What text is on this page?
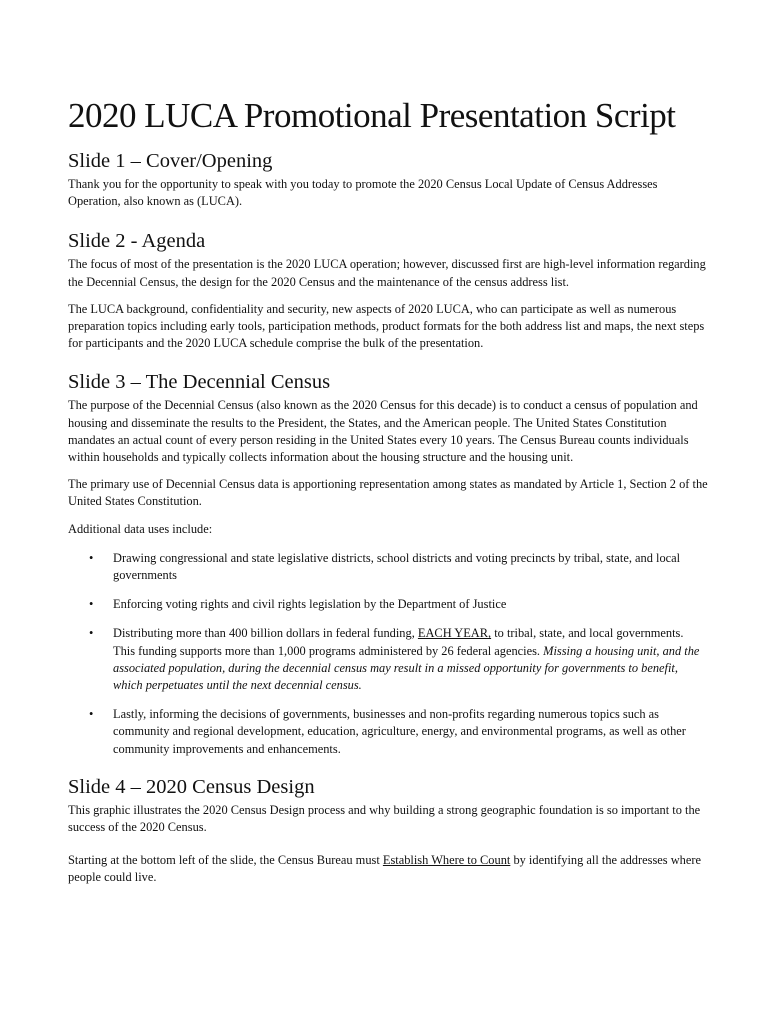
2020 LUCA Promotional Presentation Script
Slide 1 – Cover/Opening

Thank you for the opportunity to speak with you today to promote the 2020 Census Local Update of Census Addresses Operation, also known as (LUCA).

Slide 2 - Agenda

The focus of most of the presentation is the 2020 LUCA operation; however, discussed first are high-level information regarding the Decennial Census, the design for the 2020 Census and the maintenance of the census address list.

The LUCA background, confidentiality and security, new aspects of 2020 LUCA, who can participate as well as numerous preparation topics including early tools, participation methods, product formats for the both address list and maps, the next steps for participants and the 2020 LUCA schedule comprise the bulk of the presentation.

Slide 3 – The Decennial Census

The purpose of the Decennial Census (also known as the 2020 Census for this decade) is to conduct a census of population and housing and disseminate the results to the President, the States, and the American people. The United States Constitution mandates an actual count of every person residing in the United States every 10 years. The Census Bureau counts individuals within households and typically collects information about the housing structure and the housing unit.

The primary use of Decennial Census data is apportioning representation among states as mandated by Article 1, Section 2 of the United States Constitution.

Additional data uses include:

• Drawing congressional and state legislative districts, school districts and voting precincts by tribal, state, and local governments
• Enforcing voting rights and civil rights legislation by the Department of Justice
• Distributing more than 400 billion dollars in federal funding, EACH YEAR, to tribal, state, and local governments. This funding supports more than 1,000 programs administered by 26 federal agencies. Missing a housing unit, and the associated population, during the decennial census may result in a missed opportunity for governments to benefit, which perpetuates until the next decennial census.
• Lastly, informing the decisions of governments, businesses and non-profits regarding numerous topics such as community and regional development, education, agriculture, energy, and environmental programs, as well as other community improvements and enhancements.
Slide 4 – 2020 Census Design

This graphic illustrates the 2020 Census Design process and why building a strong geographic foundation is so important to the success of the 2020 Census.

Starting at the bottom left of the slide, the Census Bureau must Establish Where to Count by identifying all the addresses where people could live.
